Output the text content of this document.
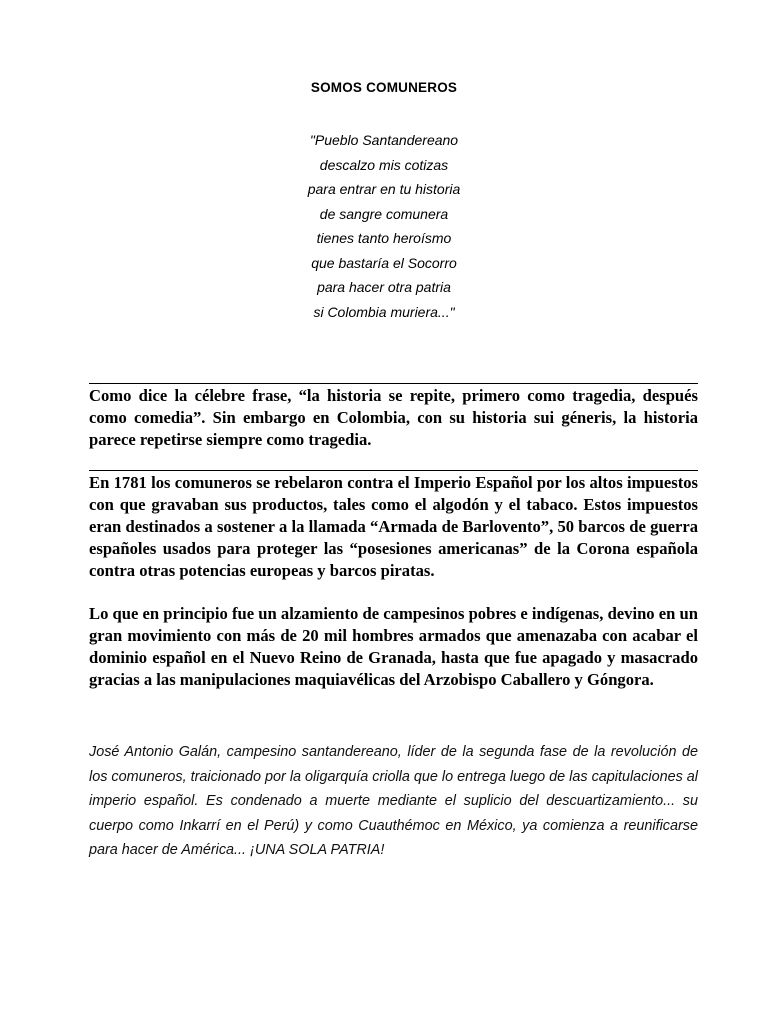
SOMOS COMUNEROS
"Pueblo Santandereano
descalzo mis cotizas
para entrar en tu historia
de sangre comunera
tienes tanto heroísmo
que bastaría el Socorro
para hacer otra patria
si Colombia muriera..."

Como dice la célebre frase, “la historia se repite, primero como tragedia, después como comedia”. Sin embargo en Colombia, con su historia sui géneris, la historia parece repetirse siempre como tragedia.

En 1781 los comuneros se rebelaron contra el Imperio Español por los altos impuestos con que gravaban sus productos, tales como el algodón y el tabaco. Estos impuestos eran destinados a sostener a la llamada “Armada de Barlovento”, 50 barcos de guerra españoles usados para proteger las “posesiones americanas” de la Corona española contra otras potencias europeas y barcos piratas.

Lo que en principio fue un alzamiento de campesinos pobres e indígenas, devino en un gran movimiento con más de 20 mil hombres armados que amenazaba con acabar el dominio español en el Nuevo Reino de Granada, hasta que fue apagado y masacrado gracias a las manipulaciones maquiavélicas del Arzobispo Caballero y Góngora.

José Antonio Galán, campesino santandereano, líder de la segunda fase de la revolución de los comuneros, traicionado por la oligarquía criolla que lo entrega luego de las capitulaciones al imperio español. Es condenado a muerte mediante el suplicio del descuartizamiento... su cuerpo como Inkarrí en el Perú) y como Cuauthémoc en México, ya comienza a reunificarse para hacer de América... ¡UNA SOLA PATRIA!
